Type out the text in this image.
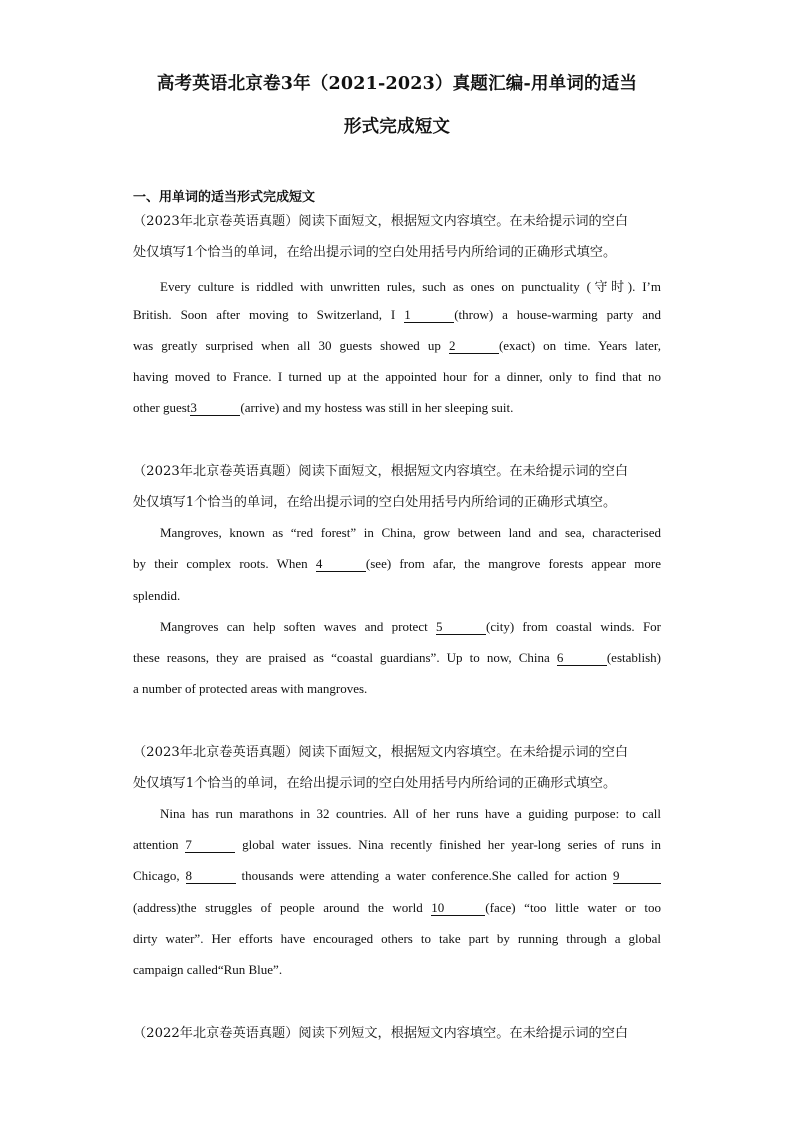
高考英语北京卷3年（2021-2023）真题汇编-用单词的适当
形式完成短文
一、用单词的适当形式完成短文
（2023年北京卷英语真题）阅读下面短文，根据短文内容填空。在未给提示词的空白
处仅填写1个恰当的单词，在给出提示词的空白处用括号内所给词的正确形式填空。
Every culture is riddled with unwritten rules, such as ones on punctuality (守时). I’m
British. Soon after moving to Switzerland, I 1	(throw) a house-warming party and
was greatly surprised when all 30 guests showed up 2	(exact) on time. Years later,
having moved to France. I turned up at the appointed hour for a dinner, only to find that no
other guest3	(arrive) and my hostess was still in her sleeping suit.
（2023年北京卷英语真题）阅读下面短文，根据短文内容填空。在未给提示词的空白
处仅填写1个恰当的单词，在给出提示词的空白处用括号内所给词的正确形式填空。
Mangroves, known as “red forest” in China, grow between land and sea, characterised
by their complex roots. When 4	(see) from afar, the mangrove forests appear more
splendid.
Mangroves can help soften waves and protect 5	(city) from coastal winds. For
these reasons, they are praised as “coastal guardians”. Up to now, China 6	(establish)
a number of protected areas with mangroves.
（2023年北京卷英语真题）阅读下面短文，根据短文内容填空。在未给提示词的空白
处仅填写1个恰当的单词，在给出提示词的空白处用括号内所给词的正确形式填空。
Nina has run marathons in 32 countries. All of her runs have a guiding purpose: to call
attention 7	global water issues. Nina recently finished her year-long series of runs in
Chicago, 8	thousands were attending a water conference.She called for action 9
(address)the struggles of people around the world 10	(face) “too little water or too
dirty water”. Her efforts have encouraged others to take part by running through a global
campaign called“Run Blue”.
（2022年北京卷英语真题）阅读下列短文，根据短文内容填空。在未给提示词的空白
